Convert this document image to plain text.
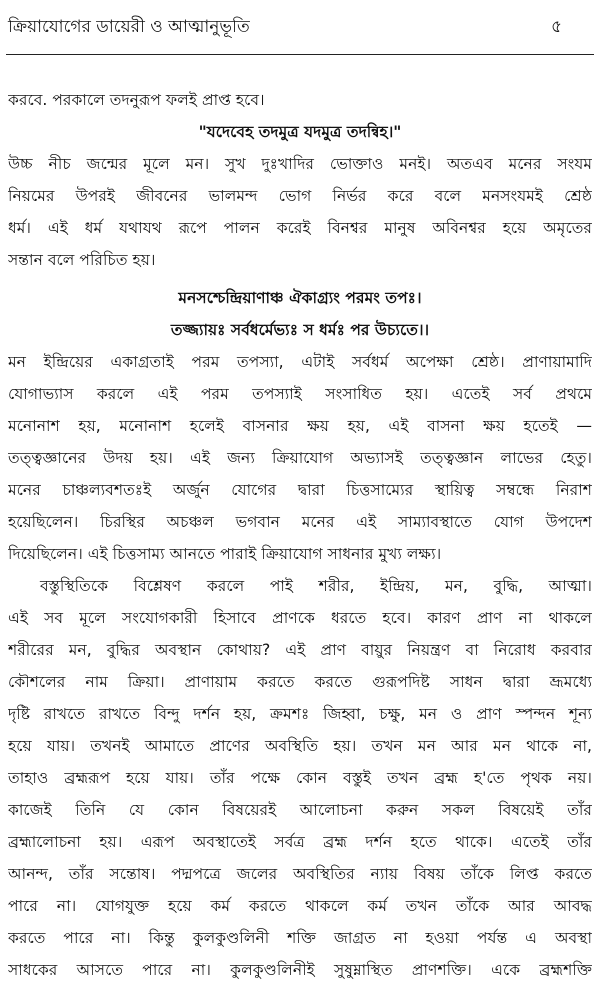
ক্রিয়াযোগের ডায়েরী ও আত্মানুভূতি	৫
করবে. পরকালে তদনুরূপ ফলই প্রাপ্ত হবে।
"যদেবেহ তদমুত্র যদমুত্র তদন্বিহ।"
উচ্চ নীচ জন্মের মূলে মন। সুখ দুঃখাদির ভোক্তাও মনই। অতএব মনের সংযম
নিয়মের উপরই জীবনের ভালমন্দ ভোগ নির্ভর করে বলে মনসংযমই শ্রেষ্ঠ
ধর্ম। এই ধর্ম যথাযথ রূপে পালন করেই বিনশ্বর মানুষ অবিনশ্বর হয়ে অমৃতের
সন্তান বলে পরিচিত হয়।
মনসশ্চেন্দ্রিয়াণাঞ্চ ঐকাগ্র্যং পরমং তপঃ।
তজ্জ্যায়ঃ সর্বধর্মেভ্যঃ স ধর্মঃ পর উচ্যতে।।
মন ইন্দ্রিয়ের একাগ্রতাই পরম তপস্যা, এটাই সর্বধর্ম অপেক্ষা শ্রেষ্ঠ। প্রাণায়ামাদি
যোগাভ্যাস করলে এই পরম তপস্যাই সংসাধিত হয়। এতেই সর্ব প্রথমে
মনোনাশ হয়, মনোনাশ হলেই বাসনার ক্ষয় হয়, এই বাসনা ক্ষয় হতেই —
তত্ত্বজ্ঞানের উদয় হয়। এই জন্য ক্রিয়াযোগ অভ্যাসই তত্ত্বজ্ঞান লাভের হেতু।
মনের চাঞ্চল্যবশতঃই অর্জুন যোগের দ্বারা চিত্তসাম্যের স্থায়িত্ব সম্বন্ধে নিরাশ
হয়েছিলেন। চিরস্থির অচঞ্চল ভগবান মনের এই সাম্যাবস্থাতে যোগ উপদেশ
দিয়েছিলেন। এই চিত্তসাম্য আনতে পারাই ক্রিয়াযোগ সাধনার মুখ্য লক্ষ্য।
বস্তুস্থিতিকে বিশ্লেষণ করলে পাই শরীর, ইন্দ্রিয়, মন, বুদ্ধি, আত্মা।
এই সব মূলে সংযোগকারী হিসাবে প্রাণকে ধরতে হবে। কারণ প্রাণ না থাকলে
শরীরের মন, বুদ্ধির অবস্থান কোথায়? এই প্রাণ বায়ুর নিয়ন্ত্রণ বা নিরোধ করবার
কৌশলের নাম ক্রিয়া। প্রাণায়াম করতে করতে গুরূপদিষ্ট সাধন দ্বারা ভ্রূমধ্যে
দৃষ্টি রাখতে রাখতে বিন্দু দর্শন হয়, ক্রমশঃ জিহ্বা, চক্ষু, মন ও প্রাণ স্পন্দন শূন্য
হয়ে যায়। তখনই আমাতে প্রাণের অবস্থিতি হয়। তখন মন আর মন থাকে না,
তাহাও ব্রহ্মরূপ হয়ে যায়। তাঁর পক্ষে কোন বস্তুই তখন ব্রহ্ম হ'তে পৃথক নয়।
কাজেই তিনি যে কোন বিষয়েরই আলোচনা করুন সকল বিষয়েই তাঁর
ব্রহ্মালোচনা হয়। এরূপ অবস্থাতেই সর্বত্র ব্রহ্ম দর্শন হতে থাকে। এতেই তাঁর
আনন্দ, তাঁর সন্তোষ। পদ্মপত্রে জলের অবস্থিতির ন্যায় বিষয় তাঁকে লিপ্ত করতে
পারে না। যোগযুক্ত হয়ে কর্ম করতে থাকলে কর্ম তখন তাঁকে আর আবদ্ধ
করতে পারে না। কিন্তু কুলকুণ্ডলিনী শক্তি জাগ্রত না হওয়া পর্যন্ত এ অবস্থা
সাধকের আসতে পারে না। কুলকুণ্ডলিনীই সুষুম্নাস্থিত প্রাণশক্তি। একে ব্রহ্মশক্তি
